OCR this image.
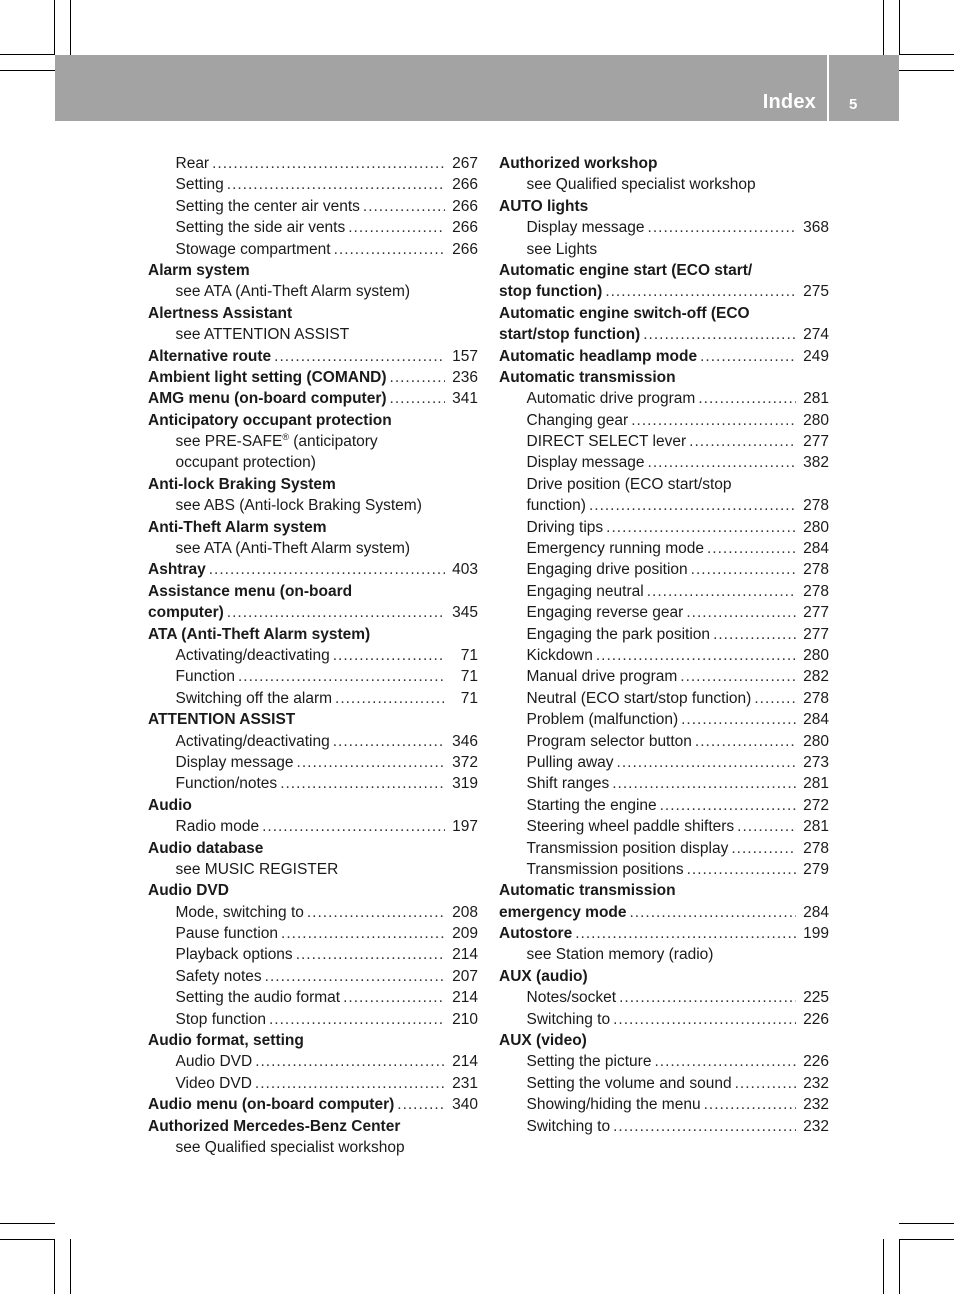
Index 5
Rear .....	267
Setting .....	266
Setting the center air vents .....	266
Setting the side air vents .....	266
Stowage compartment .....	266
Alarm system
see ATA (Anti-Theft Alarm system)
Alertness Assistant
see ATTENTION ASSIST
Alternative route .....	157
Ambient light setting (COMAND) .....	236
AMG menu (on-board computer) .....	341
Anticipatory occupant protection
see PRE-SAFE® (anticipatory
occupant protection)
Anti-lock Braking System
see ABS (Anti-lock Braking System)
Anti-Theft Alarm system
see ATA (Anti-Theft Alarm system)
Ashtray .....	403
Assistance menu (on-board
computer) .....	345
ATA (Anti-Theft Alarm system)
Activating/deactivating .....	71
Function .....	71
Switching off the alarm .....	71
ATTENTION ASSIST
Activating/deactivating .....	346
Display message .....	372
Function/notes .....	319
Audio
Radio mode .....	197
Audio database
see MUSIC REGISTER
Audio DVD
Mode, switching to .....	208
Pause function .....	209
Playback options .....	214
Safety notes .....	207
Setting the audio format .....	214
Stop function .....	210
Audio format, setting
Audio DVD .....	214
Video DVD .....	231
Audio menu (on-board computer) .....	340
Authorized Mercedes-Benz Center
see Qualified specialist workshop
Authorized workshop
see Qualified specialist workshop
AUTO lights
Display message .....	368
see Lights
Automatic engine start (ECO start/
stop function) .....	275
Automatic engine switch-off (ECO
start/stop function) .....	274
Automatic headlamp mode .....	249
Automatic transmission
Automatic drive program .....	281
Changing gear .....	280
DIRECT SELECT lever .....	277
Display message .....	382
Drive position (ECO start/stop
function) .....	278
Driving tips .....	280
Emergency running mode .....	284
Engaging drive position .....	278
Engaging neutral .....	278
Engaging reverse gear .....	277
Engaging the park position .....	277
Kickdown .....	280
Manual drive program .....	282
Neutral (ECO start/stop function) .....	278
Problem (malfunction) .....	284
Program selector button .....	280
Pulling away .....	273
Shift ranges .....	281
Starting the engine .....	272
Steering wheel paddle shifters .....	281
Transmission position display .....	278
Transmission positions .....	279
Automatic transmission
emergency mode .....	284
Autostore .....	199
see Station memory (radio)
AUX (audio)
Notes/socket .....	225
Switching to .....	226
AUX (video)
Setting the picture .....	226
Setting the volume and sound .....	232
Showing/hiding the menu .....	232
Switching to .....	232
